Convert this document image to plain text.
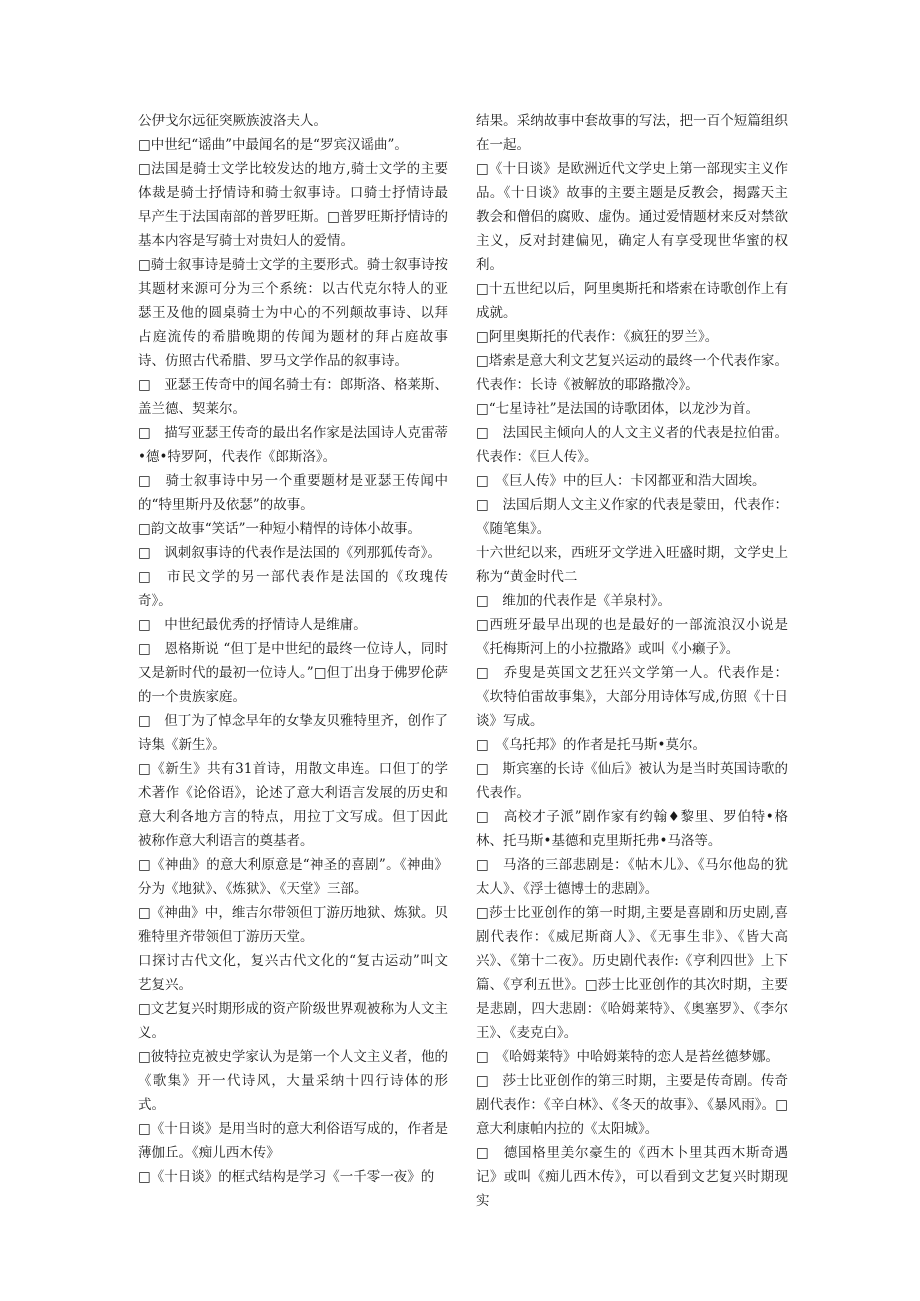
公伊戈尔远征突厥族波洛夫人。

□中世纪“谣曲”中最闻名的是“罗宾汉谣曲”。

□法国是骑士文学比较发达的地方,骑士文学的主要体裁是骑士抒情诗和骑士叙事诗。口骑士抒情诗最早产生于法国南部的普罗旺斯。□普罗旺斯抒情诗的基本内容是写骑士对贵妇人的爱情。

□骑士叙事诗是骑士文学的主要形式。骑士叙事诗按其题材来源可分为三个系统：以古代克尔特人的亚瑟王及他的圆桌骑士为中心的不列颠故事诗、以拜占庭流传的希腊晚期的传闻为题材的拜占庭故事诗、仿照古代希腊、罗马文学作品的叙事诗。

□　亚瑟王传奇中的闻名骑士有：郎斯洛、格莱斯、盖兰德、契莱尔。

□　描写亚瑟王传奇的最出名作家是法国诗人克雷蒂•德•特罗阿，代表作《郎斯洛》。

□　骑士叙事诗中另一个重要题材是亚瑟王传闻中的“特里斯丹及依瑟”的故事。

□韵文故事“笑话”一种短小精悍的诗体小故事。

□　讽刺叙事诗的代表作是法国的《列那狐传奇》。

□　市民文学的另一部代表作是法国的《玫瑰传奇》。

□　中世纪最优秀的抒情诗人是维庸。

□　恩格斯说 “但丁是中世纪的最终一位诗人，同时又是新时代的最初一位诗人。”□但丁出身于佛罗伦萨的一个贵族家庭。

□　但丁为了悼念早年的女挚友贝雅特里齐，创作了诗集《新生》。

□《新生》共有31首诗，用散文串连。口但丁的学术著作《论俗语》，论述了意大利语言发展的历史和意大利各地方言的特点，用拉丁文写成。但丁因此被称作意大利语言的奠基者。

□《神曲》的意大利原意是“神圣的喜剧”。《神曲》分为《地狱》、《炼狱》、《天堂》三部。

□《神曲》中，维吉尔带领但丁游历地狱、炼狱。贝雅特里齐带领但丁游历天堂。

口探讨古代文化，复兴古代文化的“复古运动”叫文艺复兴。

□文艺复兴时期形成的资产阶级世界观被称为人文主义。

□彼特拉克被史学家认为是第一个人文主义者，他的《歌集》开一代诗风，大量采纳十四行诗体的形式。

□《十日谈》是用当时的意大利俗语写成的，作者是薄伽丘。《痴儿西木传》

□《十日谈》的框式结构是学习《一千零一夜》的

结果。采纳故事中套故事的写法，把一百个短篇组织在一起。

□《十日谈》是欧洲近代文学史上第一部现实主义作品。《十日谈》故事的主要主题是反教会，揭露天主教会和僧侣的腐败、虚伪。通过爱情题材来反对禁欲主义，反对封建偏见，确定人有享受现世华蜜的权利。

□十五世纪以后，阿里奥斯托和塔索在诗歌创作上有成就。

□阿里奥斯托的代表作：《疯狂的罗兰》。

□塔索是意大利文艺复兴运动的最终一个代表作家。代表作：长诗《被解放的耶路撒冷》。

□“七星诗社”是法国的诗歌团体，以龙沙为首。

□　法国民主倾向人的人文主义者的代表是拉伯雷。代表作：《巨人传》。

□　《巨人传》中的巨人：卡冈都亚和浩大固埃。

□　法国后期人文主义作家的代表是蒙田，代表作：《随笔集》。

十六世纪以来，西班牙文学进入旺盛时期，文学史上称为“黄金时代二

□　维加的代表作是《羊泉村》。

□西班牙最早出现的也是最好的一部流浪汉小说是《托梅斯河上的小拉撒路》或叫《小癞子》。

□　乔叟是英国文艺狂兴文学第一人。代表作是：《坎特伯雷故事集》，大部分用诗体写成,仿照《十日谈》写成。

□　《乌托邦》的作者是托马斯•莫尔。

□　斯宾塞的长诗《仙后》被认为是当时英国诗歌的代表作。

□　高校才子派”剧作家有约翰♦黎里、罗伯特•格林、托马斯•基德和克里斯托弗•马洛等。

□　马洛的三部悲剧是：《帖木儿》、《马尔他岛的犹太人》、《浮士德博士的悲剧》。

□莎士比亚创作的第一时期,主要是喜剧和历史剧,喜剧代表作：《威尼斯商人》、《无事生非》、《皆大高兴》、《第十二夜》。历史剧代表作:《亨利四世》上下篇、《亨利五世》。□莎士比亚创作的其次时期，主要是悲剧，四大悲剧：《哈姆莱特》、《奥塞罗》、《李尔王》、《麦克白》。

□　《哈姆莱特》中哈姆莱特的恋人是苔丝德梦娜。

□　莎士比亚创作的第三时期，主要是传奇剧。传奇剧代表作：《辛白林》、《冬天的故事》、《暴风雨》。□意大利康帕内拉的《太阳城》。

□　德国格里美尔豪生的《西木卜里其西木斯奇遇记》或叫《痴儿西木传》，可以看到文艺复兴时期现实
